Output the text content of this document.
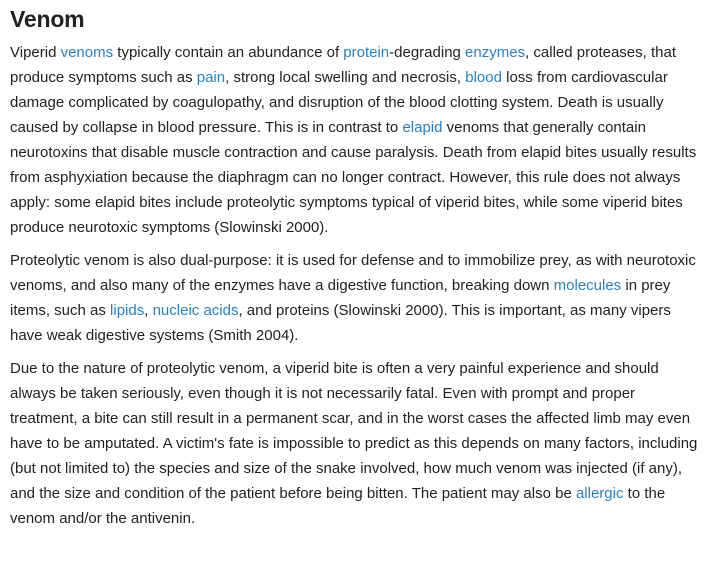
Venom

Viperid venoms typically contain an abundance of protein-degrading enzymes, called proteases, that produce symptoms such as pain, strong local swelling and necrosis, blood loss from cardiovascular damage complicated by coagulopathy, and disruption of the blood clotting system. Death is usually caused by collapse in blood pressure. This is in contrast to elapid venoms that generally contain neurotoxins that disable muscle contraction and cause paralysis. Death from elapid bites usually results from asphyxiation because the diaphragm can no longer contract. However, this rule does not always apply: some elapid bites include proteolytic symptoms typical of viperid bites, while some viperid bites produce neurotoxic symptoms (Slowinski 2000).

Proteolytic venom is also dual-purpose: it is used for defense and to immobilize prey, as with neurotoxic venoms, and also many of the enzymes have a digestive function, breaking down molecules in prey items, such as lipids, nucleic acids, and proteins (Slowinski 2000). This is important, as many vipers have weak digestive systems (Smith 2004).

Due to the nature of proteolytic venom, a viperid bite is often a very painful experience and should always be taken seriously, even though it is not necessarily fatal. Even with prompt and proper treatment, a bite can still result in a permanent scar, and in the worst cases the affected limb may even have to be amputated. A victim's fate is impossible to predict as this depends on many factors, including (but not limited to) the species and size of the snake involved, how much venom was injected (if any), and the size and condition of the patient before being bitten. The patient may also be allergic to the venom and/or the antivenin.
